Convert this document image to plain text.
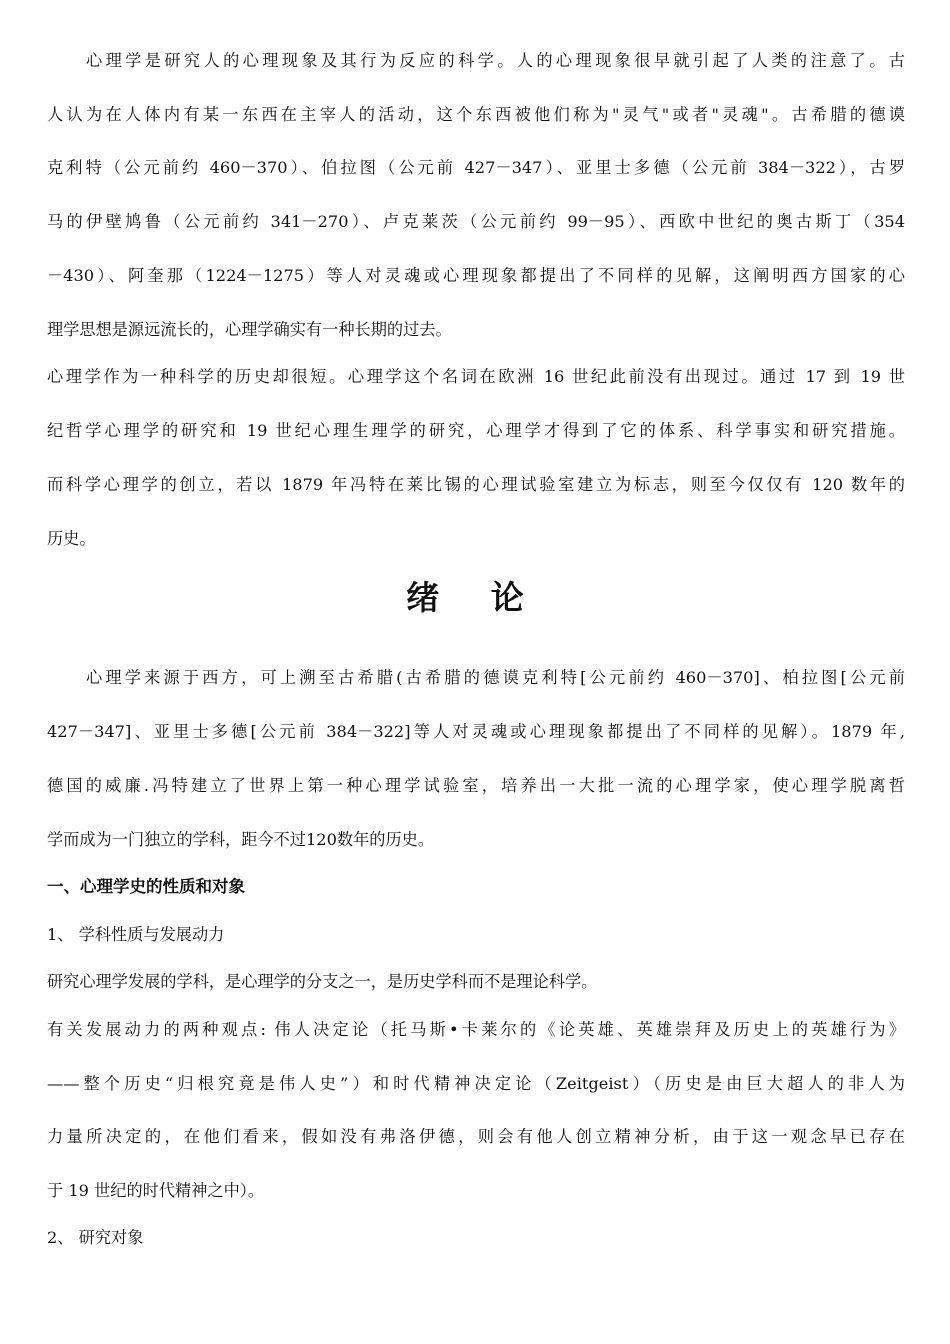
心理学是研究人的心理现象及其行为反应的科学。人的心理现象很早就引起了人类的注意了。古
人认为在人体内有某一东西在主宰人的活动，这个东西被他们称为"灵气"或者"灵魂"。古希腊的德谟
克利特（公元前约 460－370）、伯拉图（公元前 427－347）、亚里士多德（公元前 384－322），古罗
马的伊壁鸠鲁（公元前约 341－270）、卢克莱茨（公元前约 99－95）、西欧中世纪的奥古斯丁（354
－430）、阿奎那（1224－1275）等人对灵魂或心理现象都提出了不同样的见解，这阐明西方国家的心
理学思想是源远流长的，心理学确实有一种长期的过去。
心理学作为一种科学的历史却很短。心理学这个名词在欧洲 16 世纪此前没有出现过。通过 17 到 19 世
纪哲学心理学的研究和 19 世纪心理生理学的研究，心理学才得到了它的体系、科学事实和研究措施。
而科学心理学的创立，若以 1879 年冯特在莱比锡的心理试验室建立为标志，则至今仅仅有 120 数年的
历史。
绪 论
心理学来源于西方，可上溯至古希腊(古希腊的德谟克利特[公元前约 460－370]、柏拉图[公元前
427－347]、亚里士多德[公元前 384－322]等人对灵魂或心理现象都提出了不同样的见解）。1879 年,
德国的威廉.冯特建立了世界上第一种心理学试验室，培养出一大批一流的心理学家，使心理学脱离哲
学而成为一门独立的学科，距今不过120数年的历史。
一、心理学史的性质和对象
1、 学科性质与发展动力
研究心理学发展的学科，是心理学的分支之一，是历史学科而不是理论科学。
有关发展动力的两种观点: 伟人决定论（托马斯•卡莱尔的《论英雄、英雄崇拜及历史上的英雄行为》
——整个历史“归根究竟是伟人史”）和时代精神决定论（Zeitgeist）（历史是由巨大超人的非人为
力量所决定的，在他们看来，假如没有弗洛伊德，则会有他人创立精神分析，由于这一观念早已存在
于 19 世纪的时代精神之中）。
2、 研究对象
